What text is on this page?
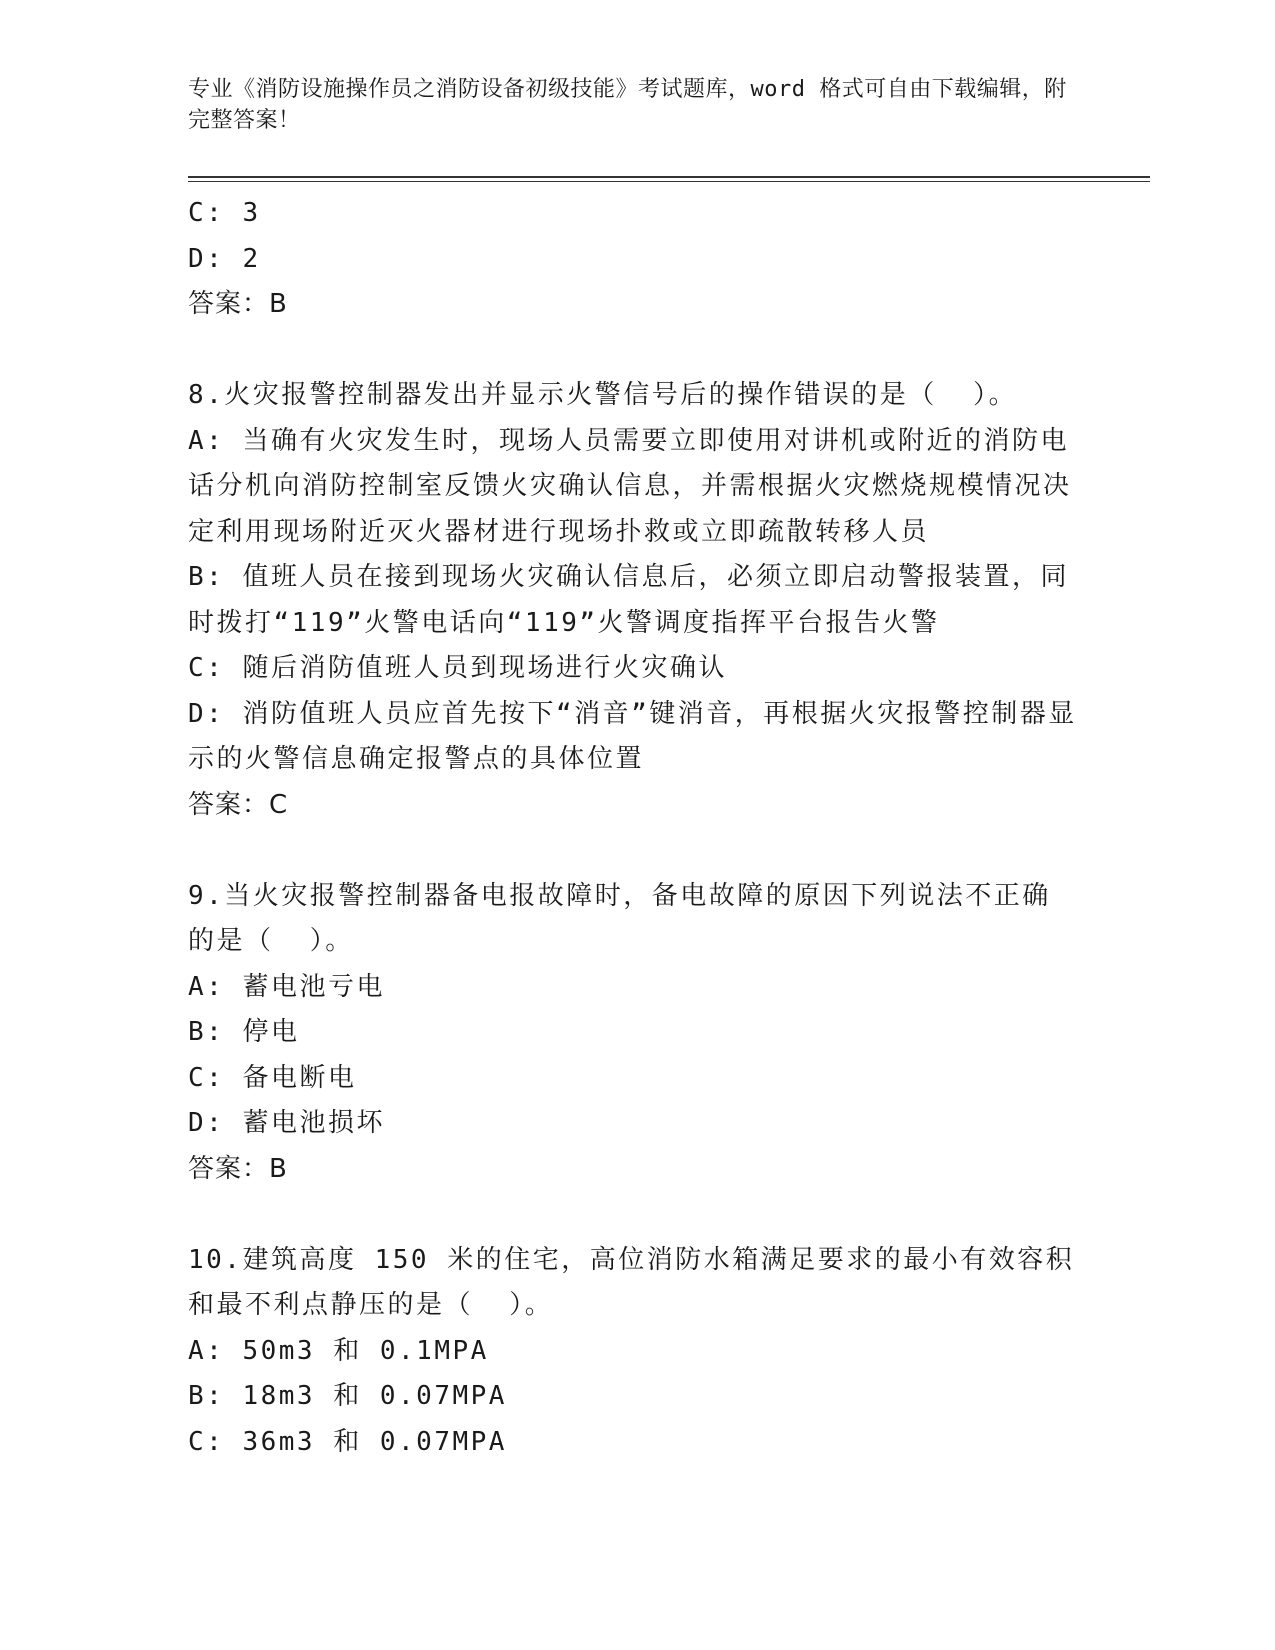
专业《消防设施操作员之消防设备初级技能》考试题库，word 格式可自由下载编辑，附完整答案！
C: 3
D: 2
答案：B
8.火灾报警控制器发出并显示火警信号后的操作错误的是（  ）。
A: 当确有火灾发生时，现场人员需要立即使用对讲机或附近的消防电话分机向消防控制室反馈火灾确认信息，并需根据火灾燃烧规模情况决定利用现场附近灭火器材进行现场扑救或立即疏散转移人员
B: 值班人员在接到现场火灾确认信息后，必须立即启动警报装置，同时拨打“119”火警电话向“119”火警调度指挥平台报告火警
C: 随后消防值班人员到现场进行火灾确认
D: 消防值班人员应首先按下“消音”键消音，再根据火灾报警控制器显示的火警信息确定报警点的具体位置
答案：C
9.当火灾报警控制器备电报故障时，备电故障的原因下列说法不正确的是（  ）。
A: 蓄电池亏电
B: 停电
C: 备电断电
D: 蓄电池损坏
答案：B
10.建筑高度 150 米的住宅，高位消防水箱满足要求的最小有效容积和最不利点静压的是（  ）。
A: 50m3 和 0.1MPA
B: 18m3 和 0.07MPA
C: 36m3 和 0.07MPA
